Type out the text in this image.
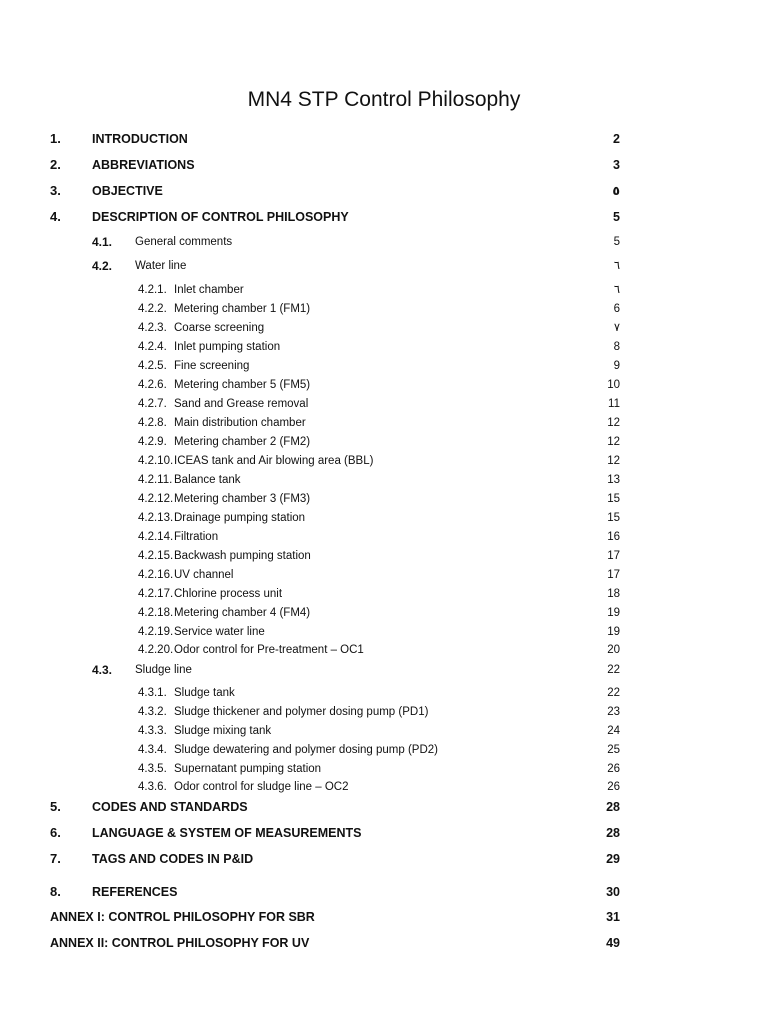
MN4 STP Control Philosophy
1. INTRODUCTION	2
2. ABBREVIATIONS	3
3. OBJECTIVE	٥
4. DESCRIPTION OF CONTROL PHILOSOPHY	5
4.1. General comments	5
4.2. Water line	٦
4.2.1. Inlet chamber	٦
4.2.2. Metering chamber 1 (FM1)	6
4.2.3. Coarse screening	٧
4.2.4. Inlet pumping station	8
4.2.5. Fine screening	9
4.2.6. Metering chamber 5 (FM5)	10
4.2.7. Sand and Grease removal	11
4.2.8. Main distribution chamber	12
4.2.9. Metering chamber 2 (FM2)	12
4.2.10. ICEAS tank and Air blowing area (BBL)	12
4.2.11. Balance tank	13
4.2.12. Metering chamber 3 (FM3)	15
4.2.13. Drainage pumping station	15
4.2.14. Filtration	16
4.2.15. Backwash pumping station	17
4.2.16. UV channel	17
4.2.17. Chlorine process unit	18
4.2.18. Metering chamber 4 (FM4)	19
4.2.19. Service water line	19
4.2.20. Odor control for Pre-treatment – OC1	20
4.3. Sludge line	22
4.3.1. Sludge tank	22
4.3.2. Sludge thickener and polymer dosing pump (PD1)	23
4.3.3. Sludge mixing tank	24
4.3.4. Sludge dewatering and polymer dosing pump (PD2)	25
4.3.5. Supernatant pumping station	26
4.3.6. Odor control for sludge line – OC2	26
5. CODES AND STANDARDS	28
6. LANGUAGE & SYSTEM OF MEASUREMENTS	28
7. TAGS AND CODES IN P&ID	29
8. REFERENCES	30
ANNEX I: CONTROL PHILOSOPHY FOR SBR	31
ANNEX II: CONTROL PHILOSOPHY FOR UV	49
